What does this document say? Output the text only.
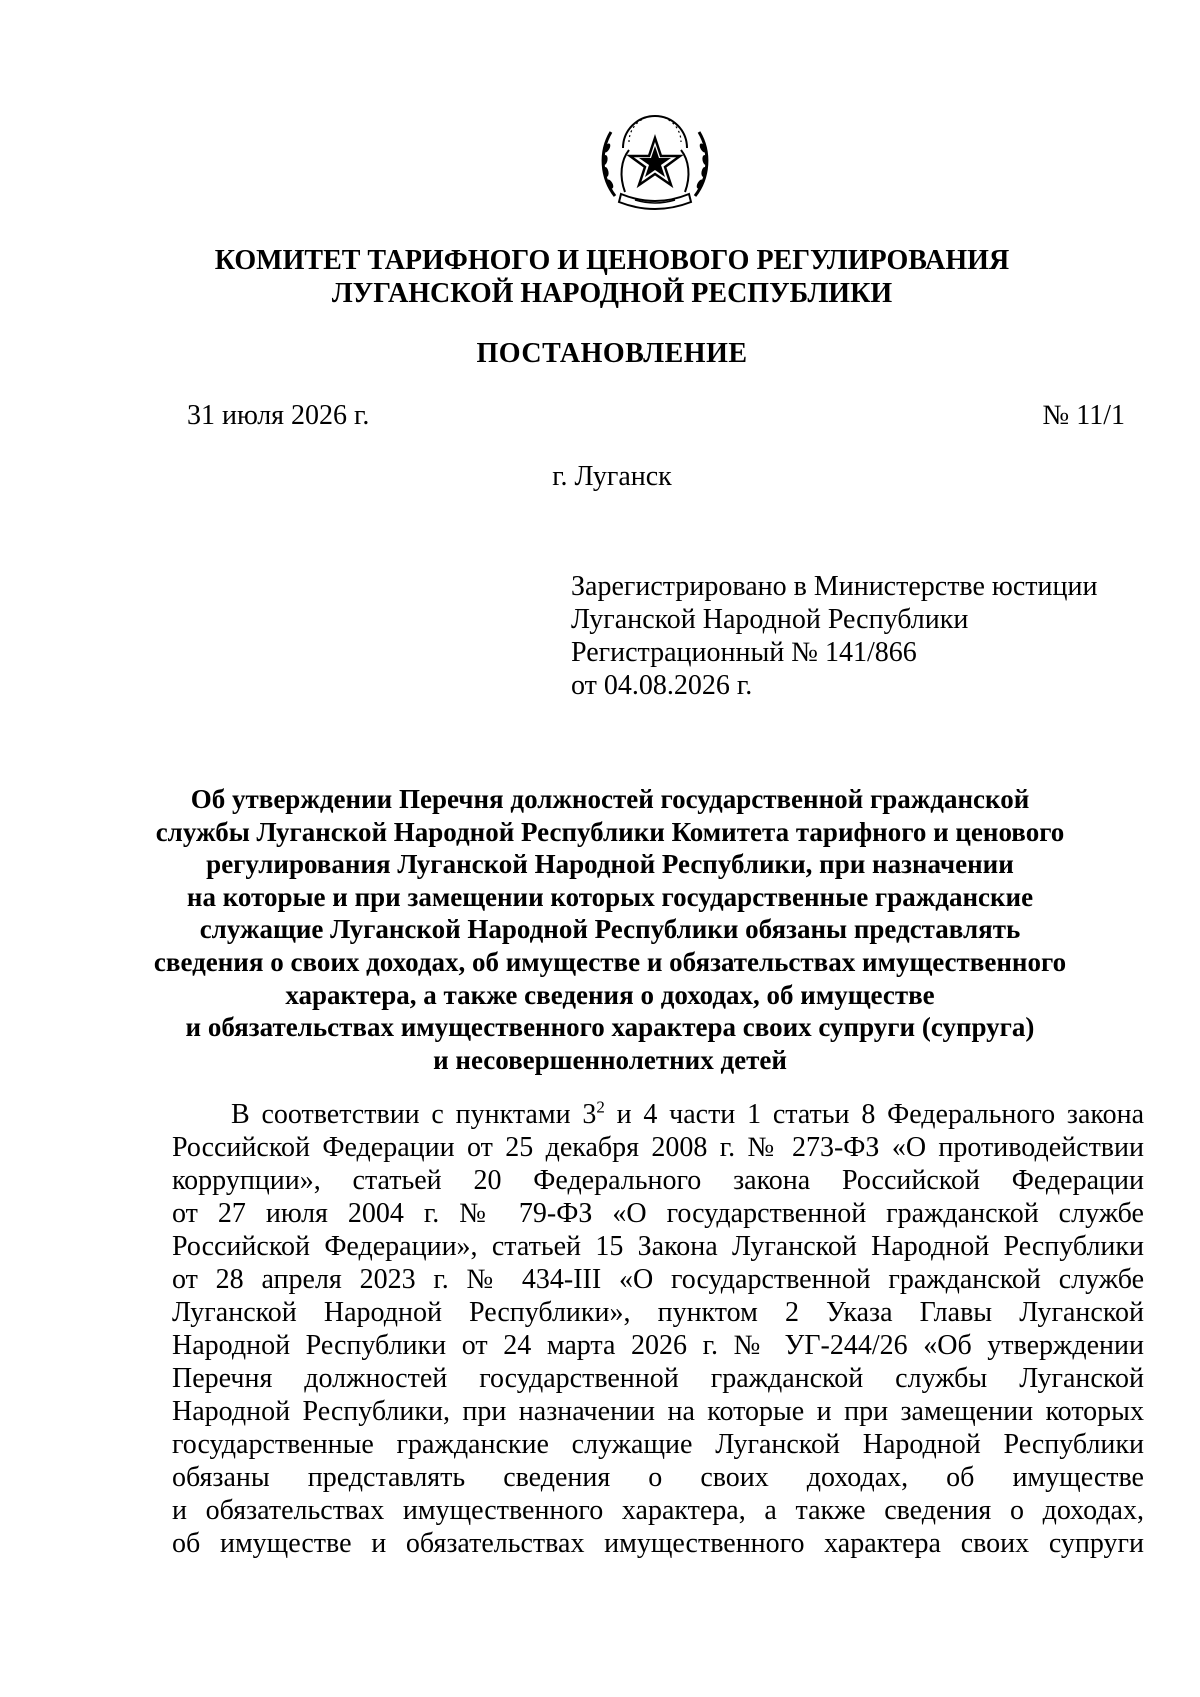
КОМИТЕТ ТАРИФНОГО И ЦЕНОВОГО РЕГУЛИРОВАНИЯ
ЛУГАНСКОЙ НАРОДНОЙ РЕСПУБЛИКИ
ПОСТАНОВЛЕНИЕ
31 июля 2026 г.	№ 11/1
г. Луганск
Зарегистрировано в Министерстве юстиции
Луганской Народной Республики
Регистрационный № 141/866
от 04.08.2026 г.
Об утверждении Перечня должностей государственной гражданской
службы Луганской Народной Республики Комитета тарифного и ценового
регулирования Луганской Народной Республики, при назначении
на которые и при замещении которых государственные гражданские
служащие Луганской Народной Республики обязаны представлять
сведения о своих доходах, об имуществе и обязательствах имущественного
характера, а также сведения о доходах, об имуществе
и обязательствах имущественного характера своих супруги (супруга)
и несовершеннолетних детей
В соответствии с пунктами $3^2$ и 4 части 1 статьи 8 Федерального закона
Российской Федерации от 25 декабря 2008 г. № 273-ФЗ «О противодействии
коррупции», статьей 20 Федерального закона Российской Федерации
от 27 июля 2004 г. № 79-ФЗ «О государственной гражданской службе
Российской Федерации», статьей 15 Закона Луганской Народной Республики
от 28 апреля 2023 г. № 434-III «О государственной гражданской службе
Луганской Народной Республики», пунктом 2 Указа Главы Луганской
Народной Республики от 24 марта 2026 г. № УГ-244/26 «Об утверждении
Перечня должностей государственной гражданской службы Луганской
Народной Республики, при назначении на которые и при замещении которых
государственные гражданские служащие Луганской Народной Республики
обязаны представлять сведения о своих доходах, об имуществе
и обязательствах имущественного характера, а также сведения о доходах,
об имуществе и обязательствах имущественного характера своих супруги
